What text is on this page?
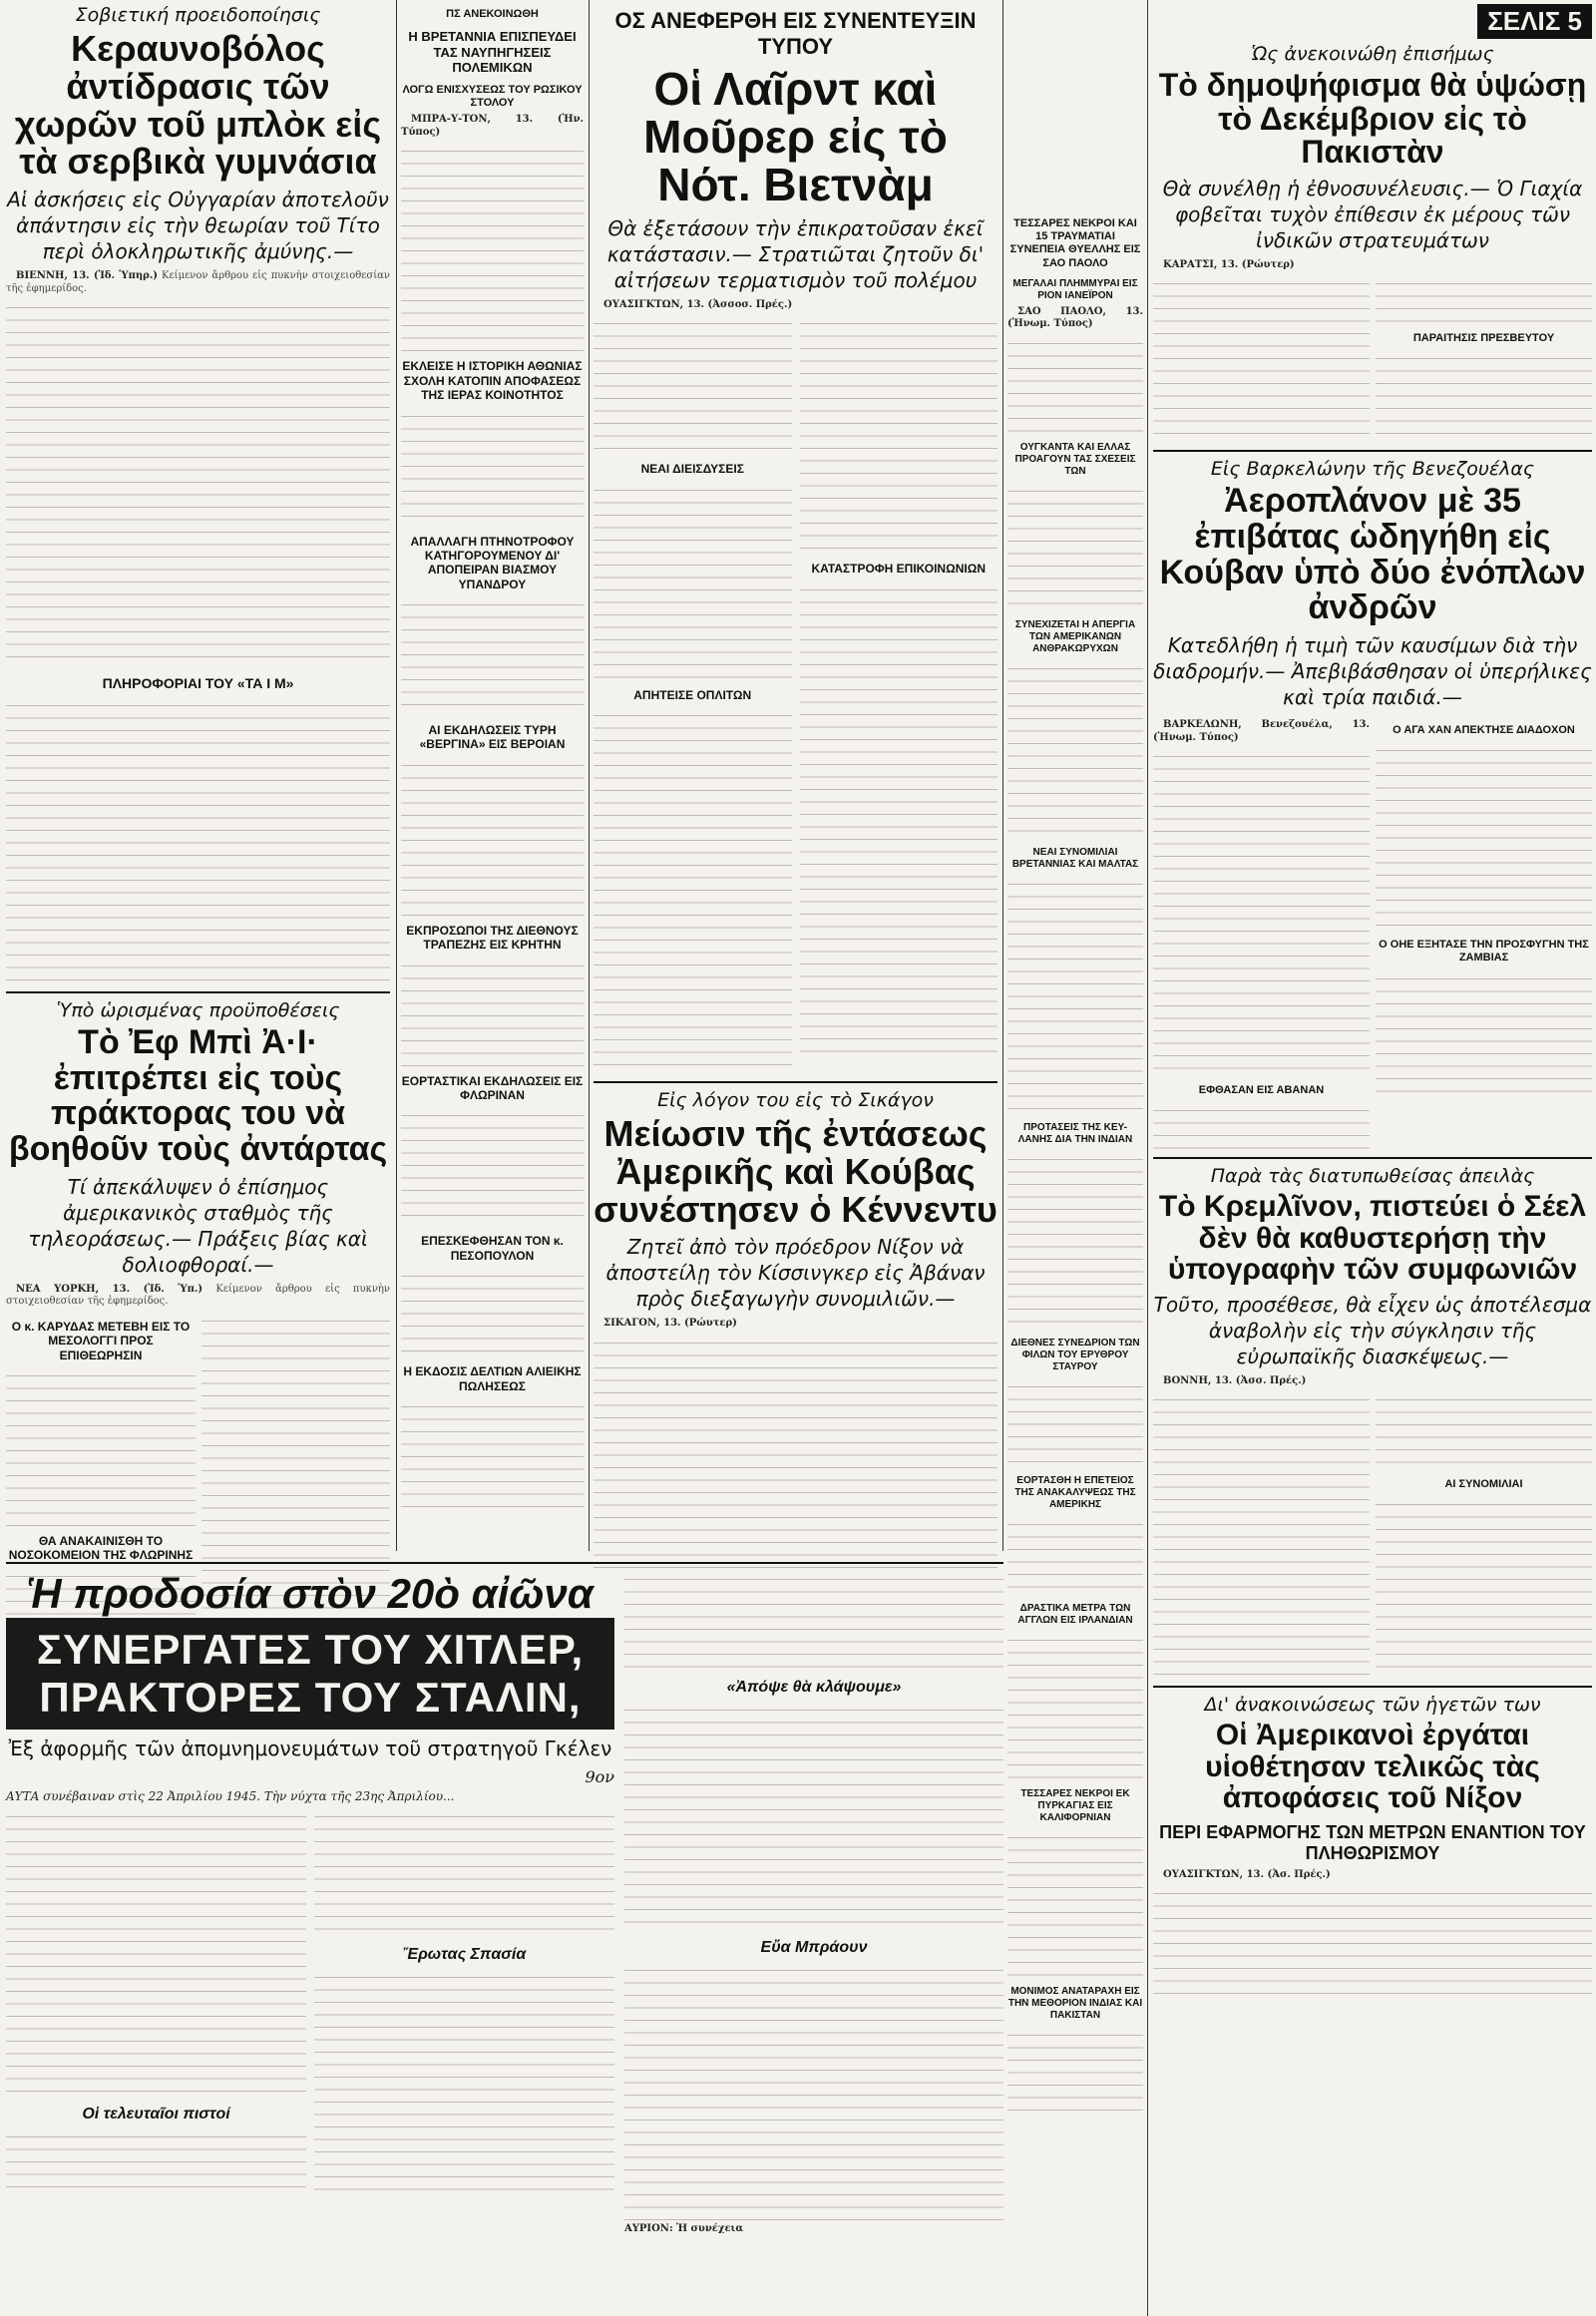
Σοβιετική προειδοποίησις
Κεραυνοβόλος ἀντίδρασις τῶν χωρῶν τοῦ μπλὸκ εἰς τὰ σερβικὰ γυμνάσια
Αἱ ἀσκήσεις εἰς Οὐγγαρίαν ἀποτελοῦν ἀπάντησιν εἰς τὴν θεωρίαν τοῦ Τίτο περὶ ὁλοκληρωτικῆς ἀμύνης.—

ΒΙΕΝΝΗ, 13. (Ἰδ. Ὑπηρ.) Κείμενον ἄρθρου εἰς πυκνὴν στοιχειοθεσίαν τῆς ἐφημερίδος.

ΠΛΗΡΟΦΟΡΙΑΙ ΤΟΥ «ΤΑ Ι Μ»
Ὑπὸ ὡρισμένας προϋποθέσεις
Τὸ Ἐφ Μπὶ Ἀ·Ι· ἐπιτρέπει εἰς τοὺς πράκτορας του νὰ βοηθοῦν τοὺς ἀντάρτας
Τί ἀπεκάλυψεν ὁ ἐπίσημος ἀμερικανικὸς σταθμὸς τῆς τηλεοράσεως.— Πράξεις βίας καὶ δολιοφθοραί.—

ΝΕΑ ΥΟΡΚΗ, 13. (Ἰδ. Ὑπ.) Κείμενον ἄρθρου εἰς πυκνὴν στοιχειοθεσίαν τῆς ἐφημερίδος.

Ο κ. ΚΑΡΥΔΑΣ ΜΕΤΕΒΗ ΕΙΣ ΤΟ ΜΕΣΟΛΟΓΓΙ ΠΡΟΣ ΕΠΙΘΕΩΡΗΣΙΝ
ΘΑ ΑΝΑΚΑΙΝΙΣΘΗ ΤΟ ΝΟΣΟΚΟΜΕΙΟΝ ΤΗΣ ΦΛΩΡΙΝΗΣ
ΠΣ ΑΝΕΚΟΙΝΩΘΗ
Η ΒΡΕΤΑΝΝΙΑ ΕΠΙΣΠΕΥΔΕΙ ΤΑΣ ΝΑΥΠΗΓΗΣΕΙΣ ΠΟΛΕΜΙΚΩΝ
ΛΟΓΩ ΕΝΙΣΧΥΣΕΩΣ ΤΟΥ ΡΩΣΙΚΟΥ ΣΤΟΛΟΥ

ΜΠΡΑ-Υ-ΤΟΝ, 13. (Ἠν. Τύπος)

ΕΚΛΕΙΣΕ Η ΙΣΤΟΡΙΚΗ ΑΘΩΝΙΑΣ ΣΧΟΛΗ ΚΑΤΟΠΙΝ ΑΠΟΦΑΣΕΩΣ ΤΗΣ ΙΕΡΑΣ ΚΟΙΝΟΤΗΤΟΣ
ΑΠΑΛΛΑΓΗ ΠΤΗΝΟΤΡΟΦΟΥ ΚΑΤΗΓΟΡΟΥΜΕΝΟΥ ΔΙ' ΑΠΟΠΕΙΡΑΝ ΒΙΑΣΜΟΥ ΥΠΑΝΔΡΟΥ
ΑΙ ΕΚΔΗΛΩΣΕΙΣ ΤΥΡΗ «ΒΕΡΓΙΝΑ» ΕΙΣ ΒΕΡΟΙΑΝ
ΕΚΠΡΟΣΩΠΟΙ ΤΗΣ ΔΙΕΘΝΟΥΣ ΤΡΑΠΕΖΗΣ ΕΙΣ ΚΡΗΤΗΝ
ΕΟΡΤΑΣΤΙΚΑΙ ΕΚΔΗΛΩΣΕΙΣ ΕΙΣ ΦΛΩΡΙΝΑΝ
ΕΠΕΣΚΕΦΘΗΣΑΝ ΤΟΝ κ. ΠΕΣΟΠΟΥΛΟΝ
Η ΕΚΔΟΣΙΣ ΔΕΛΤΙΩΝ ΑΛΙΕΙΚΗΣ ΠΩΛΗΣΕΩΣ
ΟΣ ΑΝΕΦΕΡΘΗ ΕΙΣ ΣΥΝΕΝΤΕΥΞΙΝ ΤΥΠΟΥ
Οἱ Λαῖρντ καὶ Μοῦρερ εἰς τὸ Νότ. Βιετνὰμ
Θὰ ἐξετάσουν τὴν ἐπικρατοῦσαν ἐκεῖ κατάστασιν.— Στρατιῶται ζητοῦν δι' αἰτήσεων τερματισμὸν τοῦ πολέμου

ΟΥΑΣΙΓΚΤΩΝ, 13. (Ἀσσοσ. Πρές.)

ΝΕΑΙ ΔΙΕΙΣΔΥΣΕΙΣ
ΑΠΗΤΕΙΣΕ ΟΠΛΙΤΩΝ
ΚΑΤΑΣΤΡΟΦΗ ΕΠΙΚΟΙΝΩΝΙΩΝ
Εἰς λόγον του εἰς τὸ Σικάγον
Μείωσιν τῆς ἐντάσεως Ἀμερικῆς καὶ Κούβας συνέστησεν ὁ Κέννεντυ
Ζητεῖ ἀπὸ τὸν πρόεδρον Νίξον νὰ ἀποστείλῃ τὸν Κίσσινγκερ εἰς Ἀβάναν πρὸς διεξαγωγὴν συνομιλιῶν.—

ΣΙΚΑΓΟΝ, 13. (Ρώυτερ)

ΤΕΣΣΑΡΕΣ ΝΕΚΡΟΙ ΚΑΙ 15 ΤΡΑΥΜΑΤΙΑΙ ΣΥΝΕΠΕΙΑ ΘΥΕΛΛΗΣ ΕΙΣ ΣΑΟ ΠΑΟΛΟ
ΜΕΓΑΛΑΙ ΠΛΗΜΜΥΡΑΙ ΕΙΣ ΡΙΟΝ ΙΑΝΕΪΡΟΝ

ΣΑΟ ΠΑΟΛΟ, 13. (Ἠνωμ. Τύπος)

ΟΥΓΚΑΝΤΑ ΚΑΙ ΕΛΛΑΣ ΠΡΟΑΓΟΥΝ ΤΑΣ ΣΧΕΣΕΙΣ ΤΩΝ
ΣΥΝΕΧΙΖΕΤΑΙ Η ΑΠΕΡΓΙΑ ΤΩΝ ΑΜΕΡΙΚΑΝΩΝ ΑΝΘΡΑΚΩΡΥΧΩΝ
ΝΕΑΙ ΣΥΝΟΜΙΛΙΑΙ ΒΡΕΤΑΝΝΙΑΣ ΚΑΙ ΜΑΛΤΑΣ
ΠΡΟΤΑΣΕΙΣ ΤΗΣ ΚΕΥ-ΛΑΝΗΣ ΔΙΑ ΤΗΝ ΙΝΔΙΑΝ
ΔΙΕΘΝΕΣ ΣΥΝΕΔΡΙΟΝ ΤΩΝ ΦΙΛΩΝ ΤΟΥ ΕΡΥΘΡΟΥ ΣΤΑΥΡΟΥ
ΕΟΡΤΑΣΘΗ Η ΕΠΕΤΕΙΟΣ ΤΗΣ ΑΝΑΚΑΛΥΨΕΩΣ ΤΗΣ ΑΜΕΡΙΚΗΣ
ΔΡΑΣΤΙΚΑ ΜΕΤΡΑ ΤΩΝ ΑΓΓΛΩΝ ΕΙΣ ΙΡΛΑΝΔΙΑΝ
ΤΕΣΣΑΡΕΣ ΝΕΚΡΟΙ ΕΚ ΠΥΡΚΑΓΙΑΣ ΕΙΣ ΚΑΛΙΦΟΡΝΙΑΝ
ΜΟΝΙΜΟΣ ΑΝΑΤΑΡΑΧΗ ΕΙΣ ΤΗΝ ΜΕΘΟΡΙΟΝ ΙΝΔΙΑΣ ΚΑΙ ΠΑΚΙΣΤΑΝ
ΣΕΛΙΣ 5
Ὡς ἀνεκοινώθη ἐπισήμως
Τὸ δημοψήφισμα θὰ ὑψώσῃ τὸ Δεκέμβριον εἰς τὸ Πακιστὰν
Θὰ συνέλθῃ ἡ ἐθνοσυνέλευσις.— Ὁ Γιαχία φοβεῖται τυχὸν ἐπίθεσιν ἐκ μέρους τῶν ἰνδικῶν στρατευμάτων

ΚΑΡΑΤΣΙ, 13. (Ρώυτερ)

ΠΑΡΑΙΤΗΣΙΣ ΠΡΕΣΒΕΥΤΟΥ
Εἰς Βαρκελώνην τῆς Βενεζουέλας
Ἀεροπλάνον μὲ 35 ἐπιβάτας ὡδηγήθη εἰς Κούβαν ὑπὸ δύο ἐνόπλων ἀνδρῶν
Κατεδλήθη ἡ τιμὴ τῶν καυσίμων διὰ τὴν διαδρομήν.— Ἀπεβιβάσθησαν οἱ ὑπερήλικες καὶ τρία παιδιά.—

ΒΑΡΚΕΛΩΝΗ, Βενεζουέλα, 13. (Ἠνωμ. Τύπος)

ΕΦΘΑΣΑΝ ΕΙΣ ΑΒΑΝΑΝ
Ο ΑΓΑ ΧΑΝ ΑΠΕΚΤΗΣΕ ΔΙΑΔΟΧΟΝ
Ο ΟΗΕ ΕΞΗΤΑΣΕ ΤΗΝ ΠΡΟΣΦΥΓΗΝ ΤΗΣ ΖΑΜΒΙΑΣ
Παρὰ τὰς διατυπωθείσας ἀπειλὰς
Τὸ Κρεμλῖνον, πιστεύει ὁ Σέελ δὲν θὰ καθυστερήσῃ τὴν ὑπογραφὴν τῶν συμφωνιῶν
Τοῦτο, προσέθεσε, θὰ εἶχεν ὡς ἀποτέλεσμα ἀναβολὴν εἰς τὴν σύγκλησιν τῆς εὐρωπαϊκῆς διασκέψεως.—

ΒΟΝΝΗ, 13. (Ἀσσ. Πρές.)

ΑΙ ΣΥΝΟΜΙΛΙΑΙ
Δι' ἀνακοινώσεως τῶν ἡγετῶν των
Οἱ Ἀμερικανοὶ ἐργάται υἱοθέτησαν τελικῶς τὰς ἀποφάσεις τοῦ Νίξον
ΠΕΡΙ ΕΦΑΡΜΟΓΗΣ ΤΩΝ ΜΕΤΡΩΝ ΕΝΑΝΤΙΟΝ ΤΟΥ ΠΛΗΘΩΡΙΣΜΟΥ

ΟΥΑΣΙΓΚΤΩΝ, 13. (Ἀσ. Πρές.)

Ἡ προδοσία στὸν 20ὸ αἰῶνα
ΣΥΝΕΡΓΑΤΕΣ ΤΟΥ ΧΙΤΛΕΡ, ΠΡΑΚΤΟΡΕΣ ΤΟΥ ΣΤΑΛΙΝ,
Ἐξ ἀφορμῆς τῶν ἀπομνημονευμάτων τοῦ στρατηγοῦ Γκέλεν
9ον
ΑΥΤΑ συνέβαιναν στὶς 22 Ἀπριλίου 1945. Τὴν νύχτα τῆς 23ης Ἀπριλίου...
Οἱ τελευταῖοι πιστοί
Ἔρωτας Σπασία
«Ἀπόψε θὰ κλάψουμε»
Εὔα Μπράουν
ΑΥΡΙΟΝ: Ἡ συνέχεια
